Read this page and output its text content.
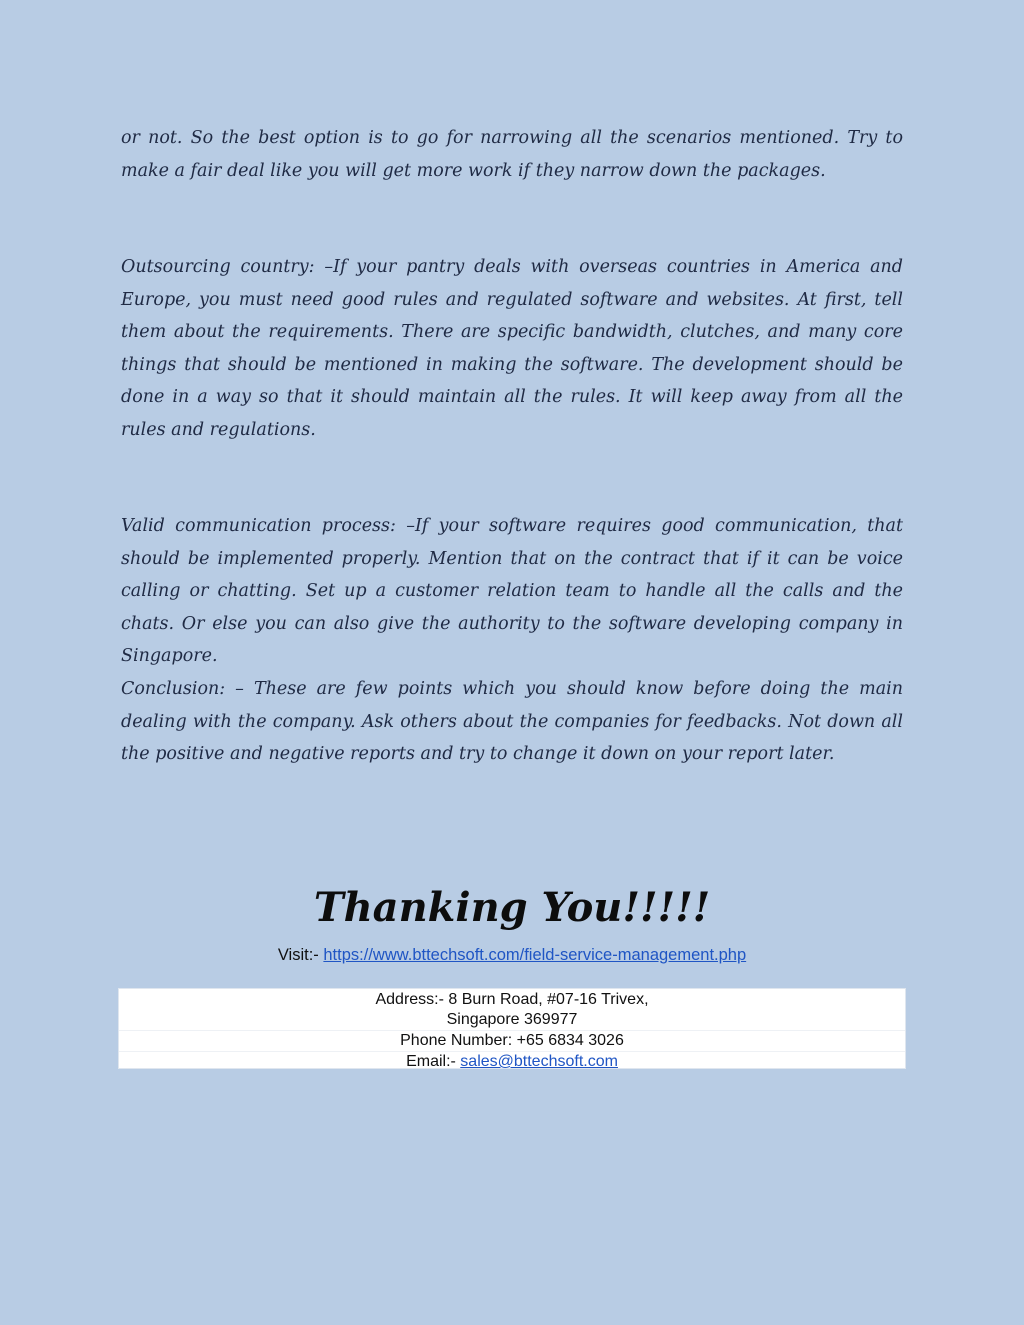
or not. So the best option is to go for narrowing all the scenarios mentioned. Try to make a fair deal like you will get more work if they narrow down the packages.

Outsourcing country: –If your pantry deals with overseas countries in America and Europe, you must need good rules and regulated software and websites. At first, tell them about the requirements. There are specific bandwidth, clutches, and many core things that should be mentioned in making the software. The development should be done in a way so that it should maintain all the rules. It will keep away from all the rules and regulations.

Valid communication process: –If your software requires good communication, that should be implemented properly. Mention that on the contract that if it can be voice calling or chatting. Set up a customer relation team to handle all the calls and the chats. Or else you can also give the authority to the software developing company in Singapore.

Conclusion: – These are few points which you should know before doing the main dealing with the company. Ask others about the companies for feedbacks. Not down all the positive and negative reports and try to change it down on your report later.

Thanking You!!!!!
Visit:- https://www.bttechsoft.com/field-service-management.php
Address:- 8 Burn Road, #07-16 Trivex,
Singapore 369977
Phone Number: +65 6834 3026
Email:- sales@bttechsoft.com
